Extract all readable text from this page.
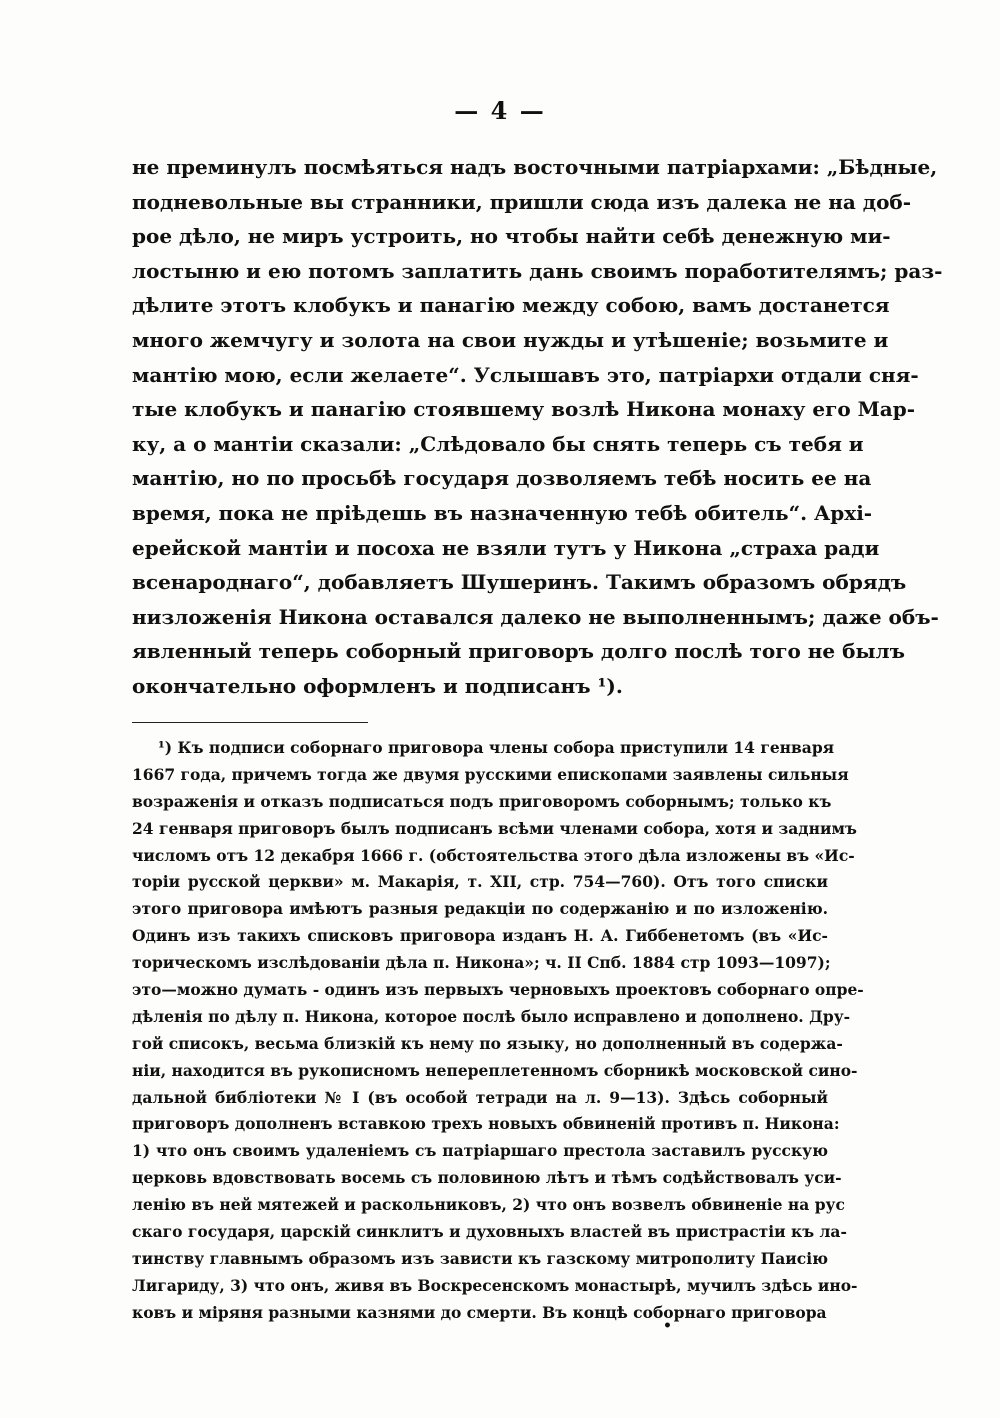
— 4 —
не преминулъ посмѣяться надъ восточными патріархами: „Бѣдные,
подневольные вы странники, пришли сюда изъ далека не на доб-
рое дѣло, не миръ устроить, но чтобы найти себѣ денежную ми-
лостыню и ею потомъ заплатить дань своимъ поработителямъ; раз-
дѣлите этотъ клобукъ и панагію между собою, вамъ достанется
много жемчугу и золота на свои нужды и утѣшеніе; возьмите и
мантію мою, если желаете“. Услышавъ это, патріархи отдали сня-
тые клобукъ и панагію стоявшему возлѣ Никона монаху его Мар-
ку, а о мантіи сказали: „Слѣдовало бы снять теперь съ тебя и
мантію, но по просьбѣ государя дозволяемъ тебѣ носить ее на
время, пока не пріѣдешь въ назначенную тебѣ обитель“. Архі-
ерейской мантіи и посоха не взяли тутъ у Никона „страха ради
всенароднаго“, добавляетъ Шушеринъ. Такимъ образомъ обрядъ
низложенія Никона оставался далеко не выполненнымъ; даже объ-
явленный теперь соборный приговоръ долго послѣ того не былъ
окончательно оформленъ и подписанъ ¹).
¹) Къ подписи соборнаго приговора члены собора приступили 14 генваря
1667 года, причемъ тогда же двумя русскими епископами заявлены сильныя
возраженія и отказъ подписаться подъ приговоромъ соборнымъ; только къ
24 генваря приговоръ былъ подписанъ всѣми членами собора, хотя и заднимъ
числомъ отъ 12 декабря 1666 г. (обстоятельства этого дѣла изложены въ «Ис-
торіи русской церкви» м. Макарія, т. XII, стр. 754—760). Отъ того списки
этого приговора имѣютъ разныя редакціи по содержанію и по изложенію.
Одинъ изъ такихъ списковъ приговора изданъ Н. А. Гиббенетомъ (въ «Ис-
торическомъ изслѣдованіи дѣла п. Никона»; ч. II Спб. 1884 стр 1093—1097);
это—можно думать - одинъ изъ первыхъ черновыхъ проектовъ соборнаго опре-
дѣленія по дѣлу п. Никона, которое послѣ было исправлено и дополнено. Дру-
гой списокъ, весьма близкій къ нему по языку, но дополненный въ содержа-
ніи, находится въ рукописномъ непереплетенномъ сборникѣ московской сино-
дальной библіотеки № I (въ особой тетради на л. 9—13). Здѣсь соборный
приговоръ дополненъ вставкою трехъ новыхъ обвиненій противъ п. Никона:
1) что онъ своимъ удаленіемъ съ патріаршаго престола заставилъ русскую
церковь вдовствовать восемь съ половиною лѣтъ и тѣмъ содѣйствовалъ уси-
ленію въ ней мятежей и раскольниковъ, 2) что онъ возвелъ обвиненіе на рус
скаго государя, царскій синклитъ и духовныхъ властей въ пристрастіи къ ла-
тинству главнымъ образомъ изъ зависти къ газскому митрополиту Паисію
Лигариду, 3) что онъ, живя въ Воскресенскомъ монастырѣ, мучилъ здѣсь ино-
ковъ и міряня разными казнями до смерти. Въ концѣ соборнаго приговора
•
